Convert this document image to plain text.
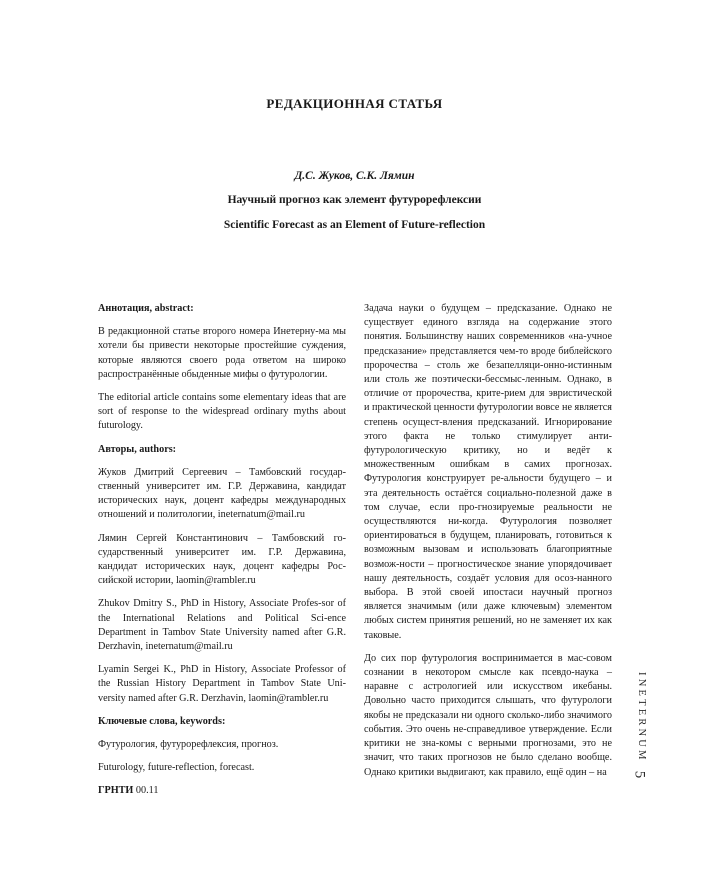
РЕДАКЦИОННАЯ СТАТЬЯ
Д.С. Жуков, С.К. Лямин
Научный прогноз как элемент футурорефлексии
Scientific Forecast as an Element of Future-reflection

Аннотация, abstract:

В редакционной статье второго номера Инетерну-ма мы хотели бы привести некоторые простейшие суждения, которые являются своего рода ответом на широко распространённые обыденные мифы о футурологии.

The editorial article contains some elementary ideas that are sort of response to the widespread ordinary myths about futurology.

Авторы, authors:

Жуков Дмитрий Сергеевич – Тамбовский государ-ственный университет им. Г.Р. Державина, кандидат исторических наук, доцент кафедры международных отношений и политологии, ineternatum@mail.ru

Лямин Сергей Константинович – Тамбовский го-сударственный университет им. Г.Р. Державина, кандидат исторических наук, доцент кафедры Рос-сийской истории, laomin@rambler.ru

Zhukov Dmitry S., PhD in History, Associate Profes-sor of the International Relations and Political Sci-ence Department in Tambov State University named after G.R. Derzhavin, ineternatum@mail.ru

Lyamin Sergei K., PhD in History, Associate Professor of the Russian History Department in Tambov State Uni-versity named after G.R. Derzhavin, laomin@rambler.ru

Ключевые слова, keywords:

Футурология, футурорефлексия, прогноз.

Futurology, future-reflection, forecast.

ГРНТИ 00.11

Задача науки о будущем – предсказание. Однако не существует единого взгляда на содержание этого понятия. Большинству наших современников «на-учное предсказание» представляется чем-то вроде библейского пророчества – столь же безапелляци-онно-истинным или столь же поэтически-бессмыс-ленным. Однако, в отличие от пророчества, крите-рием для эвристической и практической ценности футурологии вовсе не является степень осущест-вления предсказаний. Игнорирование этого факта не только стимулирует анти-футурологическую критику, но и ведёт к множественным ошибкам в самих прогнозах. Футурология конструирует ре-альности будущего – и эта деятельность остаётся социально-полезной даже в том случае, если про-гнозируемые реальности не осуществляются ни-когда. Футурология позволяет ориентироваться в будущем, планировать, готовиться к возможным вызовам и использовать благоприятные возмож-ности – прогностическое знание упорядочивает нашу деятельность, создаёт условия для осоз-нанного выбора. В этой своей ипостаси научный прогноз является значимым (или даже ключевым) элементом любых систем принятия решений, но не заменяет их как таковые.

До сих пор футурология воспринимается в мас-совом сознании в некотором смысле как псевдо-наука – наравне с астрологией или искусством икебаны. Довольно часто приходится слышать, что футурологи якобы не предсказали ни одного сколько-либо значимого события. Это очень не-справедливое утверждение. Если критики не зна-комы с верными прогнозами, это не значит, что таких прогнозов не было сделано вообще. Однако критики выдвигают, как правило, ещё один – на

INETERNUM
5
